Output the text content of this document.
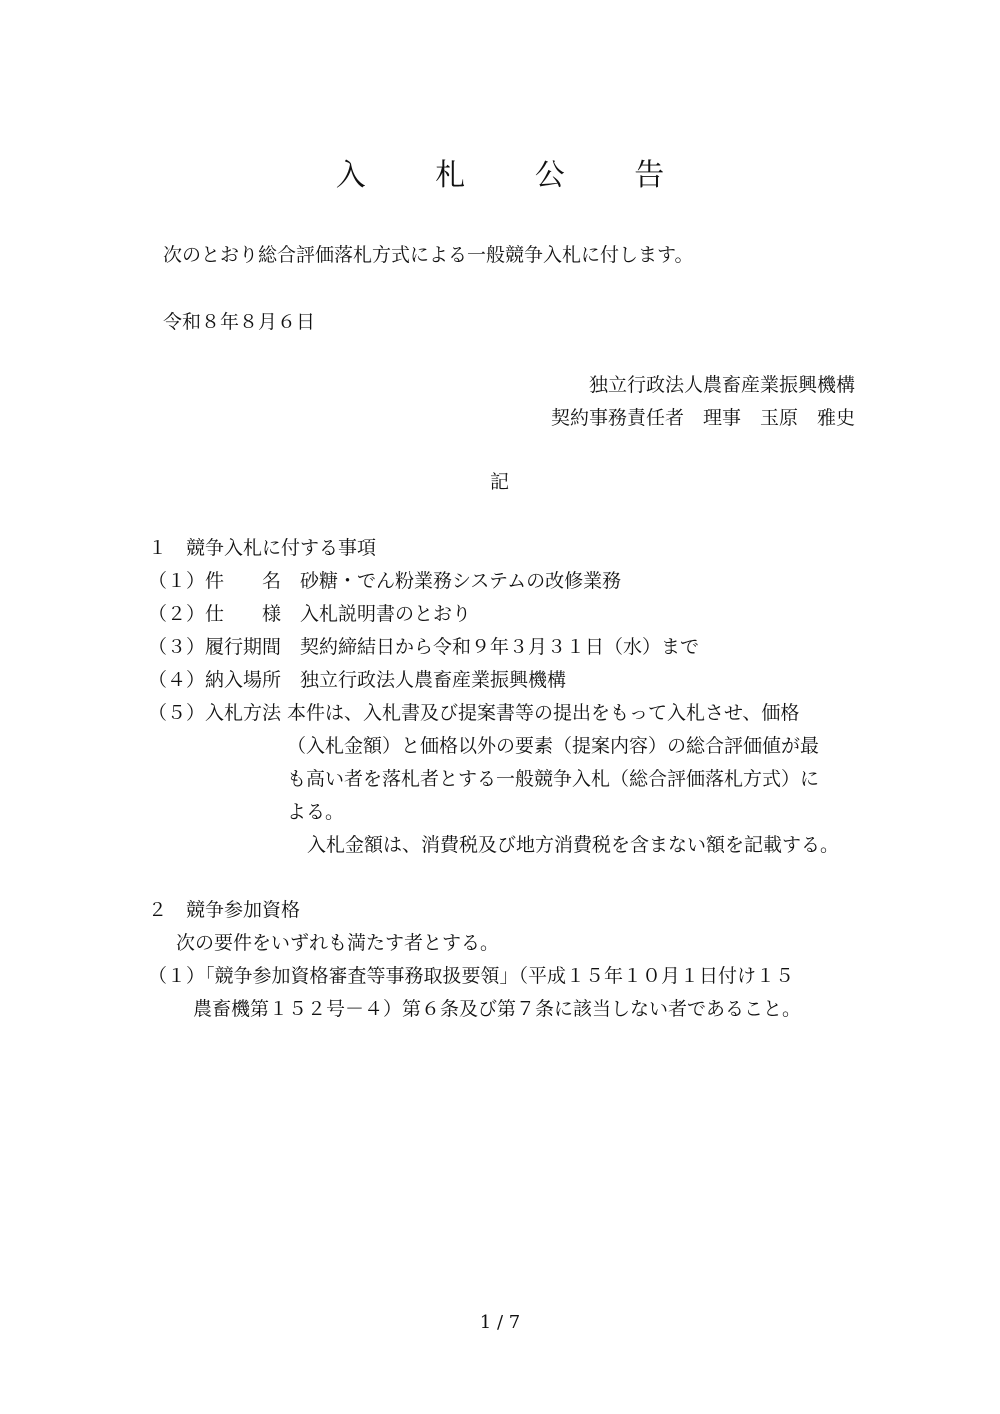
入 札 公 告
次のとおり総合評価落札方式による一般競争入札に付します。
令和８年８月６日
独立行政法人農畜産業振興機構
契約事務責任者　理事　玉原　雅史
記
１　競争入札に付する事項
（１）件　　名　砂糖・でん粉業務システムの改修業務
（２）仕　　様　入札説明書のとおり
（３）履行期間　契約締結日から令和９年３月３１日（水）まで
（４）納入場所　独立行政法人農畜産業振興機構
（５）入札方法 本件は、入札書及び提案書等の提出をもって入札させ、価格
（入札金額）と価格以外の要素（提案内容）の総合評価値が最
も高い者を落札者とする一般競争入札（総合評価落札方式）に
よる。
入札金額は、消費税及び地方消費税を含まない額を記載する。
２　競争参加資格
次の要件をいずれも満たす者とする。
（１）「競争参加資格審査等事務取扱要領」（平成１５年１０月１日付け１５
農畜機第１５２号－４）第６条及び第７条に該当しない者であること。
1 / 7
